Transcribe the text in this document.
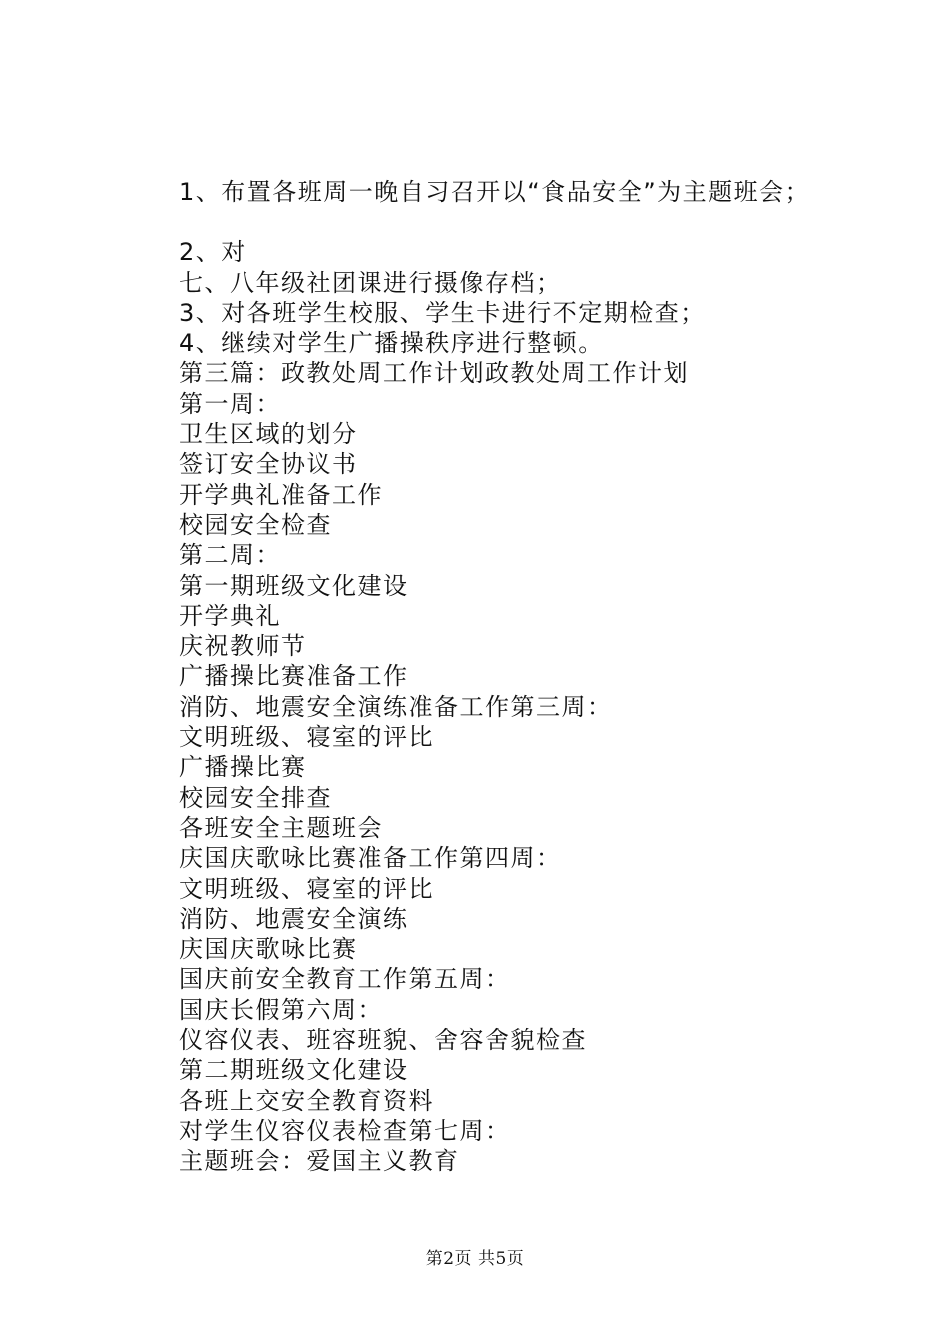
1、布置各班周一晚自习召开以“食品安全”为主题班会；
2、对
七、八年级社团课进行摄像存档；
3、对各班学生校服、学生卡进行不定期检查；
4、继续对学生广播操秩序进行整顿。
第三篇：政教处周工作计划政教处周工作计划
第一周：
卫生区域的划分
签订安全协议书
开学典礼准备工作
校园安全检查
第二周：
第一期班级文化建设
开学典礼
庆祝教师节
广播操比赛准备工作
消防、地震安全演练准备工作第三周：
文明班级、寝室的评比
广播操比赛
校园安全排查
各班安全主题班会
庆国庆歌咏比赛准备工作第四周：
文明班级、寝室的评比
消防、地震安全演练
庆国庆歌咏比赛
国庆前安全教育工作第五周：
国庆长假第六周：
仪容仪表、班容班貌、舍容舍貌检查
第二期班级文化建设
各班上交安全教育资料
对学生仪容仪表检查第七周：
主题班会：爱国主义教育
第2页 共5页
